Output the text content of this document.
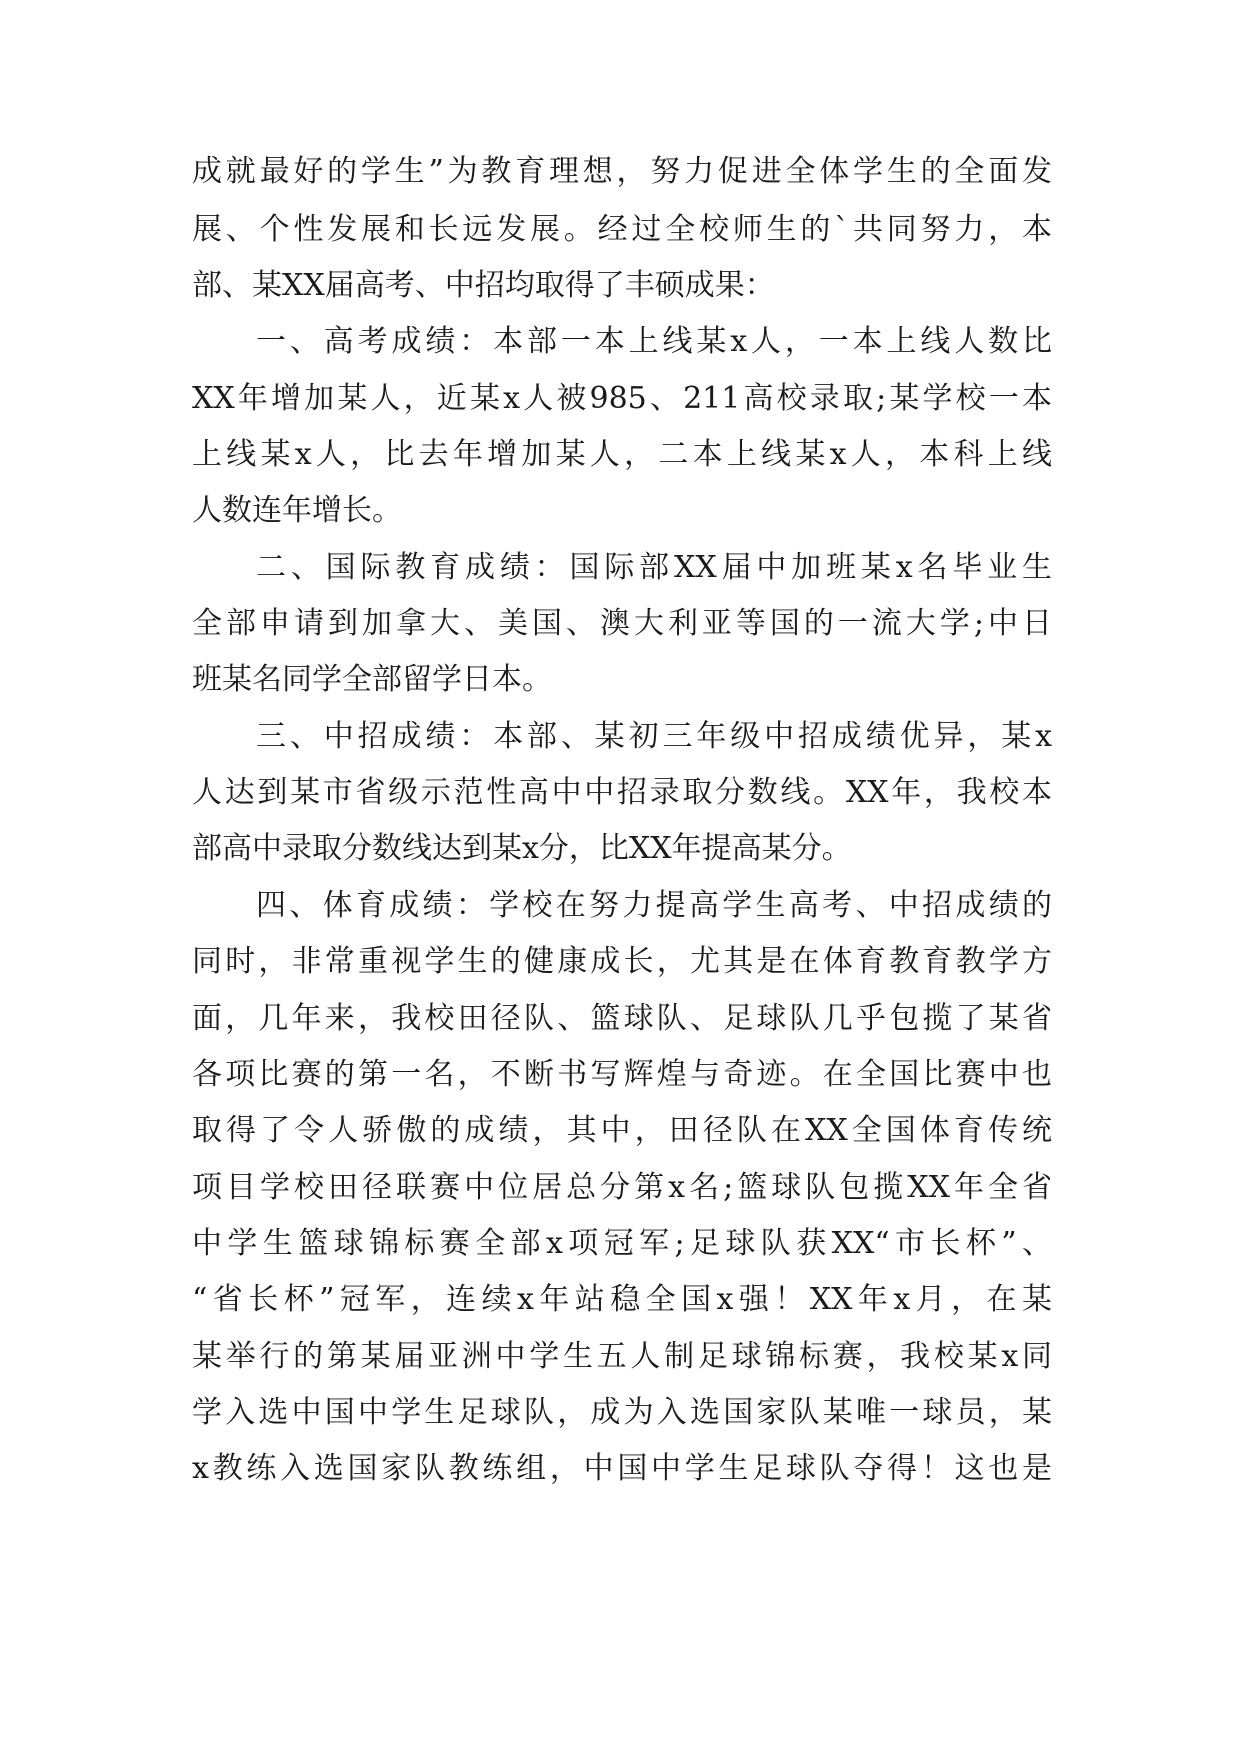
成就最好的学生”为教育理想，努力促进全体学生的全面发
展、个性发展和长远发展。经过全校师生的`共同努力，本
部、某XX届高考、中招均取得了丰硕成果：
一、高考成绩：本部一本上线某x人，一本上线人数比
XX年增加某人，近某x人被985、211高校录取;某学校一本
上线某x人，比去年增加某人，二本上线某x人，本科上线
人数连年增长。
二、国际教育成绩：国际部XX届中加班某x名毕业生
全部申请到加拿大、美国、澳大利亚等国的一流大学;中日
班某名同学全部留学日本。
三、中招成绩：本部、某初三年级中招成绩优异，某x
人达到某市省级示范性高中中招录取分数线。XX年，我校本
部高中录取分数线达到某x分，比XX年提高某分。
四、体育成绩：学校在努力提高学生高考、中招成绩的
同时，非常重视学生的健康成长，尤其是在体育教育教学方
面，几年来，我校田径队、篮球队、足球队几乎包揽了某省
各项比赛的第一名，不断书写辉煌与奇迹。在全国比赛中也
取得了令人骄傲的成绩，其中，田径队在XX全国体育传统
项目学校田径联赛中位居总分第x名;篮球队包揽XX年全省
中学生篮球锦标赛全部x项冠军;足球队获XX“市长杯”、
“省长杯”冠军，连续x年站稳全国x强！XX年x月，在某
某举行的第某届亚洲中学生五人制足球锦标赛，我校某x同
学入选中国中学生足球队，成为入选国家队某唯一球员，某
x教练入选国家队教练组，中国中学生足球队夺得！这也是
